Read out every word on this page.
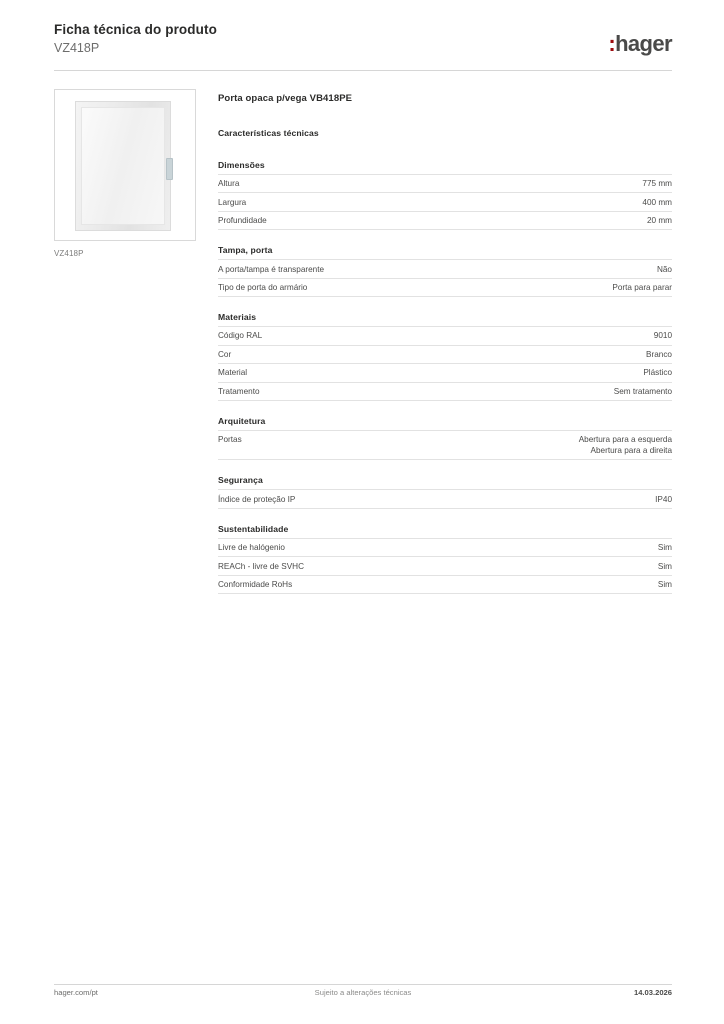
Ficha técnica do produto
VZ418P	:hager
VZ418P
Porta opaca p/vega VB418PE
Características técnicas
Dimensões
Altura	775 mm
Largura	400 mm
Profundidade	20 mm
Tampa, porta
A porta/tampa é transparente	Não
Tipo de porta do armário	Porta para parar
Materiais
Código RAL	9010
Cor	Branco
Material	Plástico
Tratamento	Sem tratamento
Arquitetura
Portas	Abertura para a esquerda
Abertura para a direita
Segurança
Índice de proteção IP	IP40
Sustentabilidade
Livre de halógenio	Sim
REACh - livre de SVHC	Sim
Conformidade RoHs	Sim
hager.com/pt	Sujeito a alterações técnicas	14.03.2026
